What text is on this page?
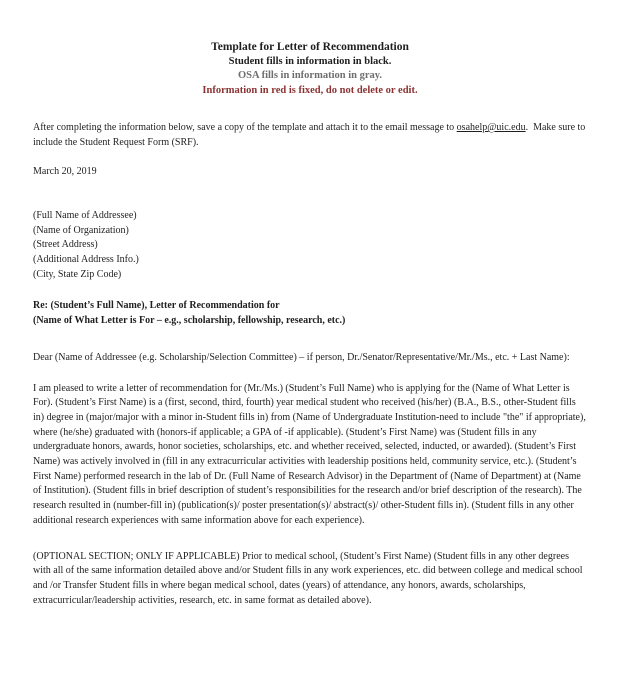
Template for Letter of Recommendation
Student fills in information in black.
OSA fills in information in gray.
Information in red is fixed, do not delete or edit.

After completing the information below, save a copy of the template and attach it to the email message to osahelp@uic.edu.  Make sure to include the Student Request Form (SRF).

March 20, 2019

(Full Name of Addressee)
(Name of Organization)
(Street Address)
(Additional Address Info.)
(City, State Zip Code)
Re: (Student’s Full Name), Letter of Recommendation for
(Name of What Letter is For – e.g., scholarship, fellowship, research, etc.)

Dear (Name of Addressee (e.g. Scholarship/Selection Committee) – if person, Dr./Senator/Representative/Mr./Ms., etc. + Last Name):

I am pleased to write a letter of recommendation for (Mr./Ms.) (Student’s Full Name) who is applying for the (Name of What Letter is For). (Student’s First Name) is a (first, second, third, fourth) year medical student who received (his/her) (B.A., B.S., other-Student fills in) degree in (major/major with a minor in-Student fills in) from (Name of Undergraduate Institution-need to include "the" if appropriate), where (he/she) graduated with (honors-if applicable; a GPA of -if applicable). (Student’s First Name) was (Student fills in any undergraduate honors, awards, honor societies, scholarships, etc. and whether received, selected, inducted, or awarded). (Student’s First Name) was actively involved in (fill in any extracurricular activities with leadership positions held, community service, etc.). (Student’s First Name) performed research in the lab of Dr. (Full Name of Research Advisor) in the Department of (Name of Department) at (Name of Institution). (Student fills in brief description of student’s responsibilities for the research and/or brief description of the research). The research resulted in (number-fill in) (publication(s)/ poster presentation(s)/ abstract(s)/ other-Student fills in). (Student fills in any other additional research experiences with same information above for each experience).

(OPTIONAL SECTION; ONLY IF APPLICABLE) Prior to medical school, (Student’s First Name) (Student fills in any other degrees with all of the same information detailed above and/or Student fills in any work experiences, etc. did between college and medical school and /or Transfer Student fills in where began medical school, dates (years) of attendance, any honors, awards, scholarships, extracurricular/leadership activities, research, etc. in same format as detailed above).
